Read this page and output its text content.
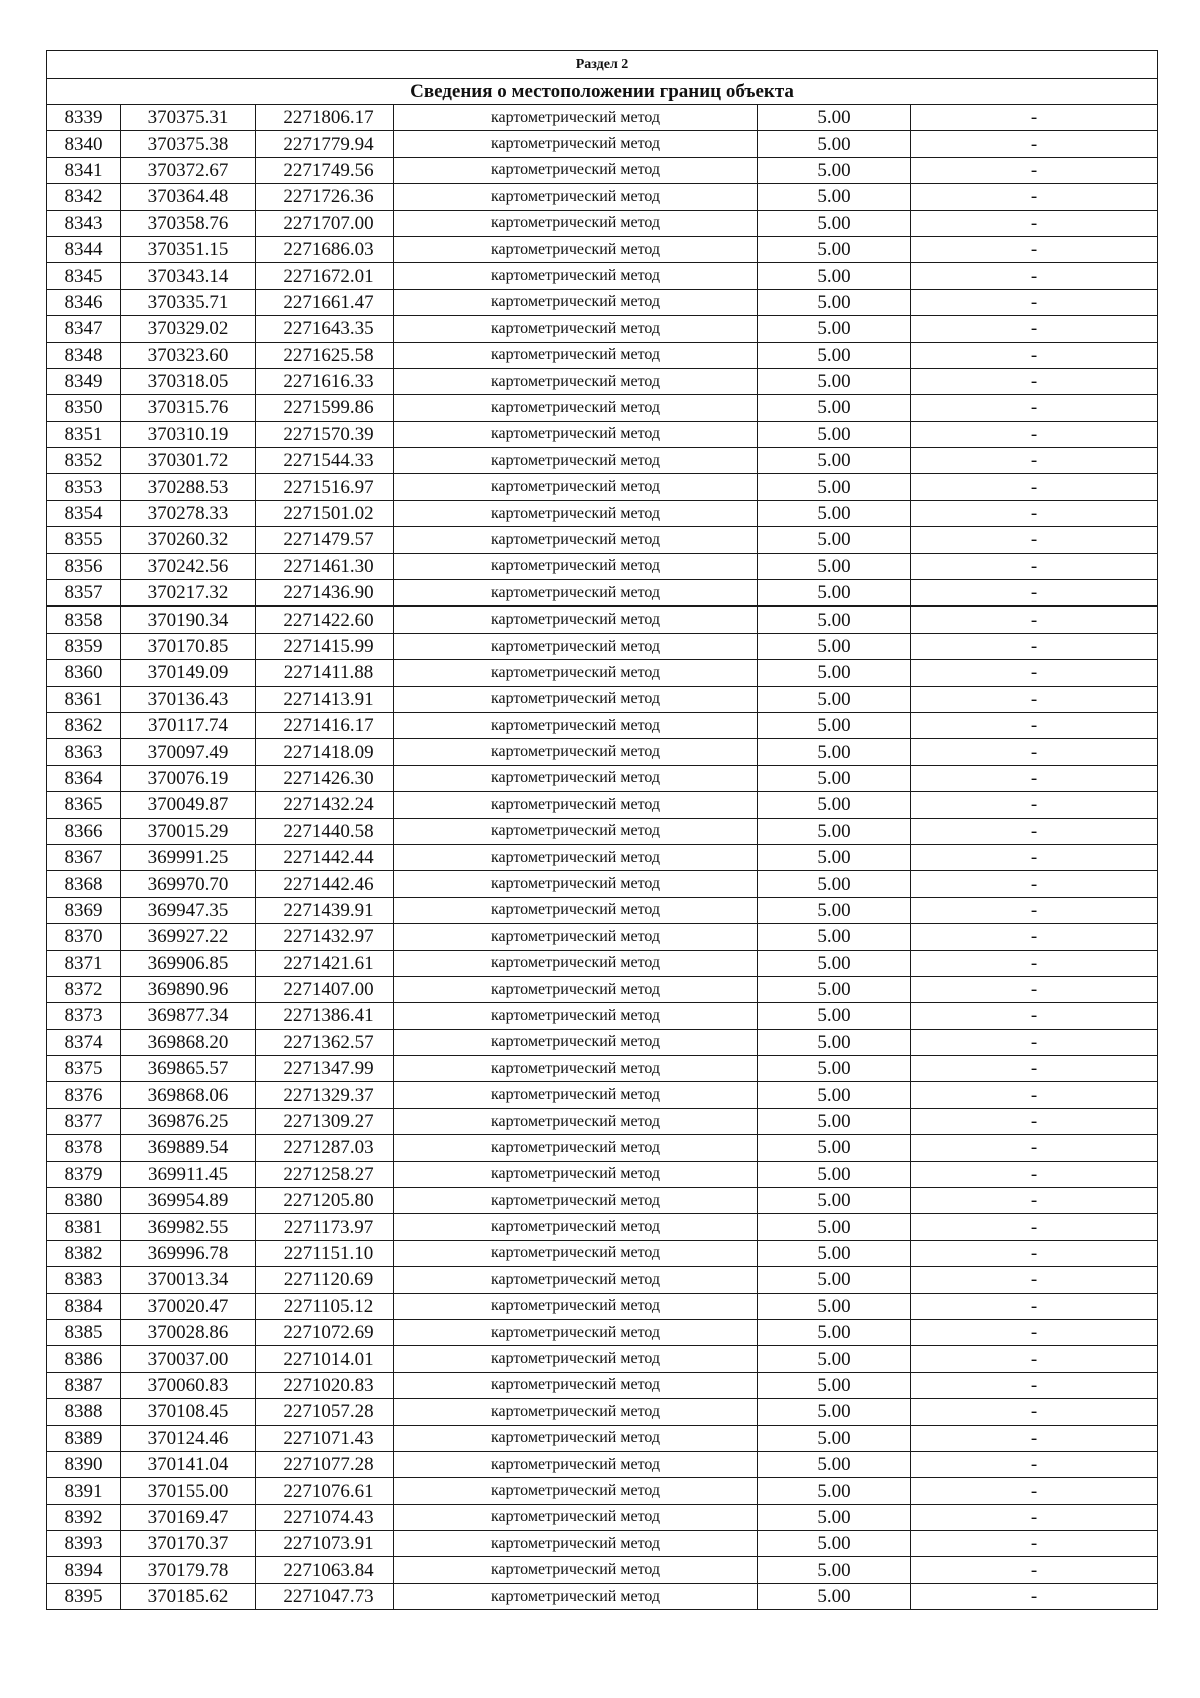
Раздел 2					
Сведения о местоположении границ объекта					
8339	370375.31	2271806.17	картометрический метод	5.00	-
8340	370375.38	2271779.94	картометрический метод	5.00	-
8341	370372.67	2271749.56	картометрический метод	5.00	-
8342	370364.48	2271726.36	картометрический метод	5.00	-
8343	370358.76	2271707.00	картометрический метод	5.00	-
8344	370351.15	2271686.03	картометрический метод	5.00	-
8345	370343.14	2271672.01	картометрический метод	5.00	-
8346	370335.71	2271661.47	картометрический метод	5.00	-
8347	370329.02	2271643.35	картометрический метод	5.00	-
8348	370323.60	2271625.58	картометрический метод	5.00	-
8349	370318.05	2271616.33	картометрический метод	5.00	-
8350	370315.76	2271599.86	картометрический метод	5.00	-
8351	370310.19	2271570.39	картометрический метод	5.00	-
8352	370301.72	2271544.33	картометрический метод	5.00	-
8353	370288.53	2271516.97	картометрический метод	5.00	-
8354	370278.33	2271501.02	картометрический метод	5.00	-
8355	370260.32	2271479.57	картометрический метод	5.00	-
8356	370242.56	2271461.30	картометрический метод	5.00	-
8357	370217.32	2271436.90	картометрический метод	5.00	-
8358	370190.34	2271422.60	картометрический метод	5.00	-
8359	370170.85	2271415.99	картометрический метод	5.00	-
8360	370149.09	2271411.88	картометрический метод	5.00	-
8361	370136.43	2271413.91	картометрический метод	5.00	-
8362	370117.74	2271416.17	картометрический метод	5.00	-
8363	370097.49	2271418.09	картометрический метод	5.00	-
8364	370076.19	2271426.30	картометрический метод	5.00	-
8365	370049.87	2271432.24	картометрический метод	5.00	-
8366	370015.29	2271440.58	картометрический метод	5.00	-
8367	369991.25	2271442.44	картометрический метод	5.00	-
8368	369970.70	2271442.46	картометрический метод	5.00	-
8369	369947.35	2271439.91	картометрический метод	5.00	-
8370	369927.22	2271432.97	картометрический метод	5.00	-
8371	369906.85	2271421.61	картометрический метод	5.00	-
8372	369890.96	2271407.00	картометрический метод	5.00	-
8373	369877.34	2271386.41	картометрический метод	5.00	-
8374	369868.20	2271362.57	картометрический метод	5.00	-
8375	369865.57	2271347.99	картометрический метод	5.00	-
8376	369868.06	2271329.37	картометрический метод	5.00	-
8377	369876.25	2271309.27	картометрический метод	5.00	-
8378	369889.54	2271287.03	картометрический метод	5.00	-
8379	369911.45	2271258.27	картометрический метод	5.00	-
8380	369954.89	2271205.80	картометрический метод	5.00	-
8381	369982.55	2271173.97	картометрический метод	5.00	-
8382	369996.78	2271151.10	картометрический метод	5.00	-
8383	370013.34	2271120.69	картометрический метод	5.00	-
8384	370020.47	2271105.12	картометрический метод	5.00	-
8385	370028.86	2271072.69	картометрический метод	5.00	-
8386	370037.00	2271014.01	картометрический метод	5.00	-
8387	370060.83	2271020.83	картометрический метод	5.00	-
8388	370108.45	2271057.28	картометрический метод	5.00	-
8389	370124.46	2271071.43	картометрический метод	5.00	-
8390	370141.04	2271077.28	картометрический метод	5.00	-
8391	370155.00	2271076.61	картометрический метод	5.00	-
8392	370169.47	2271074.43	картометрический метод	5.00	-
8393	370170.37	2271073.91	картометрический метод	5.00	-
8394	370179.78	2271063.84	картометрический метод	5.00	-
8395	370185.62	2271047.73	картометрический метод	5.00	-
